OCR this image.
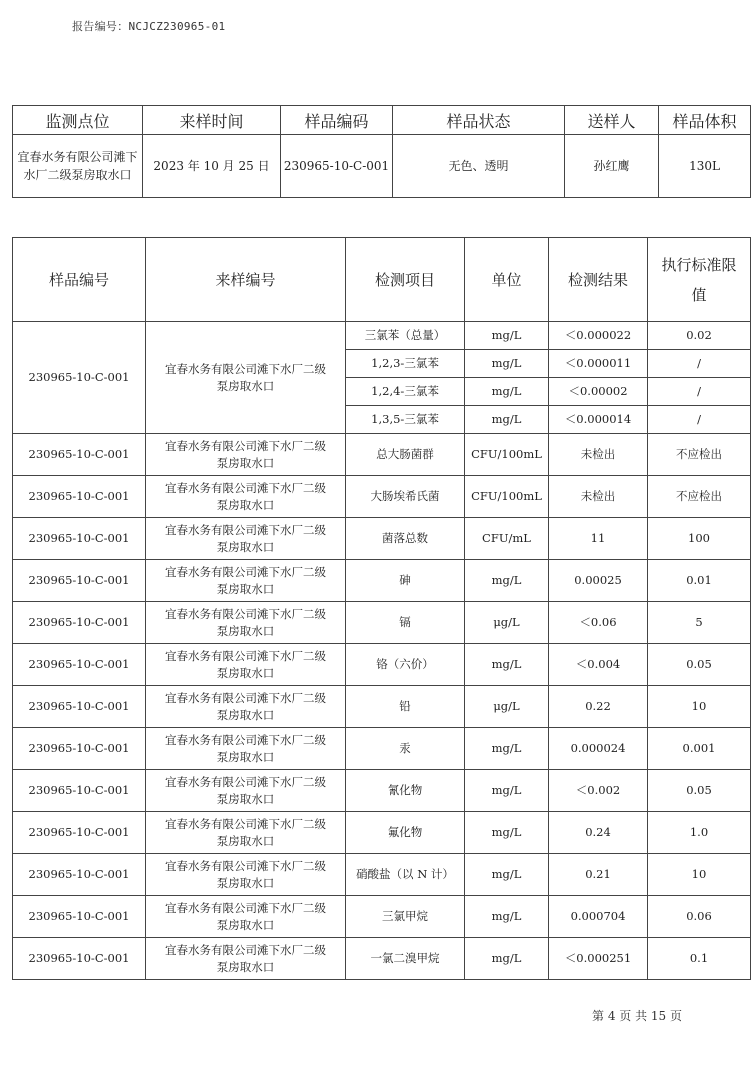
报告编号：NCJCZ230965-01
监测点位	来样时间	样品编码	样品状态	送样人	样品体积
宜春水务有限公司滩下水厂二级泵房取水口	2023 年 10 月 25 日	230965-10-C-001	无色、透明	孙红鹰	130L
样品编号	来样编号	检测项目	单位	检测结果	执行标准限值
230965-10-C-001	宜春水务有限公司滩下水厂二级泵房取水口	三氯苯（总量）	mg/L	＜0.000022	0.02
		1,2,3-三氯苯	mg/L	＜0.000011	/
		1,2,4-三氯苯	mg/L	＜0.00002	/
		1,3,5-三氯苯	mg/L	＜0.000014	/
230965-10-C-001	宜春水务有限公司滩下水厂二级泵房取水口	总大肠菌群	CFU/100mL	未检出	不应检出
230965-10-C-001	宜春水务有限公司滩下水厂二级泵房取水口	大肠埃希氏菌	CFU/100mL	未检出	不应检出
230965-10-C-001	宜春水务有限公司滩下水厂二级泵房取水口	菌落总数	CFU/mL	11	100
230965-10-C-001	宜春水务有限公司滩下水厂二级泵房取水口	砷	mg/L	0.00025	0.01
230965-10-C-001	宜春水务有限公司滩下水厂二级泵房取水口	镉	μg/L	＜0.06	5
230965-10-C-001	宜春水务有限公司滩下水厂二级泵房取水口	铬（六价）	mg/L	＜0.004	0.05
230965-10-C-001	宜春水务有限公司滩下水厂二级泵房取水口	铅	μg/L	0.22	10
230965-10-C-001	宜春水务有限公司滩下水厂二级泵房取水口	汞	mg/L	0.000024	0.001
230965-10-C-001	宜春水务有限公司滩下水厂二级泵房取水口	氰化物	mg/L	＜0.002	0.05
230965-10-C-001	宜春水务有限公司滩下水厂二级泵房取水口	氟化物	mg/L	0.24	1.0
230965-10-C-001	宜春水务有限公司滩下水厂二级泵房取水口	硝酸盐（以 N 计）	mg/L	0.21	10
230965-10-C-001	宜春水务有限公司滩下水厂二级泵房取水口	三氯甲烷	mg/L	0.000704	0.06
230965-10-C-001	宜春水务有限公司滩下水厂二级泵房取水口	一氯二溴甲烷	mg/L	＜0.000251	0.1
第 4 页 共 15 页
